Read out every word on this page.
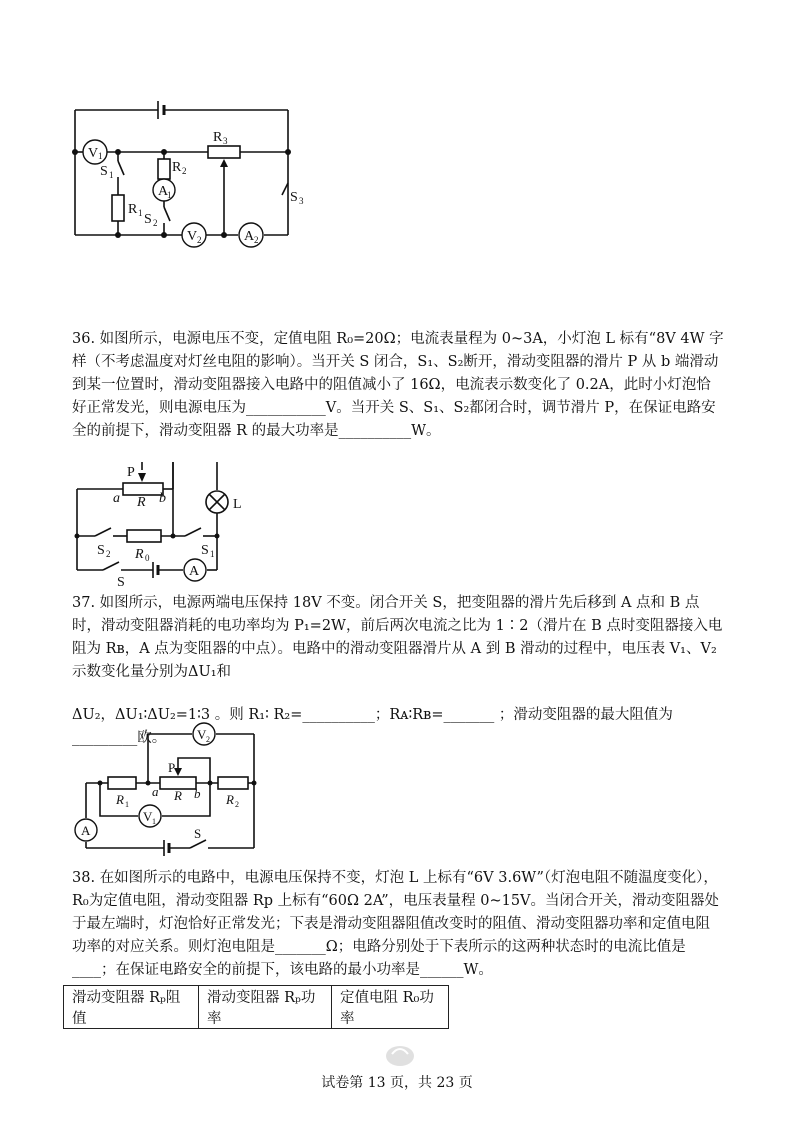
V 1
R 3
R 2
A
1
S 1
R 1 S 2
V 2	A 2
S 3

36. 如图所示，电源电压不变，定值电阻 R₀=20Ω；电流表量程为 0~3A，小灯泡 L 标有“8V 4W 字样（不考虑温度对灯丝电阻的影响）。当开关 S 闭合，S₁、S₂断开，滑动变阻器的滑片 P 从 b 端滑动到某一位置时，滑动变阻器接入电路中的阻值减小了 16Ω，电流表示数变化了 0.2A，此时小灯泡恰好正常发光，则电源电压为___________V。当开关 S、S₁、S₂都闭合时，调节滑片 P，在保证电路安全的前提下，滑动变阻器 R 的最大功率是__________W。

P
a R b	L
S 2 R 0	S 1
S
A

37. 如图所示，电源两端电压保持 18V 不变。闭合开关 S，把变阻器的滑片先后移到 A 点和 B 点时，滑动变阻器消耗的电功率均为 P₁=2W，前后两次电流之比为 1∶2（滑片在 B 点时变阻器接入电阻为 Rʙ，A 点为变阻器的中点）。电路中的滑动变阻器滑片从 A 到 B 滑动的过程中，电压表 V₁、V₂示数变化量分别为ΔU₁和

ΔU₂，ΔU₁∶ΔU₂=1∶3 。则 R₁∶ R₂=__________；Rᴀ∶Rʙ=_______ ；滑动变阻器的最大阻值为_________欧。	V 2
P
R 1
a R b R 2
V 1
A	S

38. 在如图所示的电路中，电源电压保持不变，灯泡 L 上标有“6V 3.6W”（灯泡电阻不随温度变化），R₀为定值电阻，滑动变阻器 Rp 上标有“60Ω 2A”，电压表量程 0~15V。当闭合开关，滑动变阻器处于最左端时，灯泡恰好正常发光；下表是滑动变阻器阻值改变时的阻值、滑动变阻器功率和定值电阻功率的对应关系。则灯泡电阻是_______Ω；电路分别处于下表所示的这两种状态时的电流比值是____；在保证电路安全的前提下，该电路的最小功率是______W。

滑动变阻器 Rₚ阻值	滑动变阻器 Rₚ功率	定值电阻 R₀功率
试卷第 13 页，共 23 页
